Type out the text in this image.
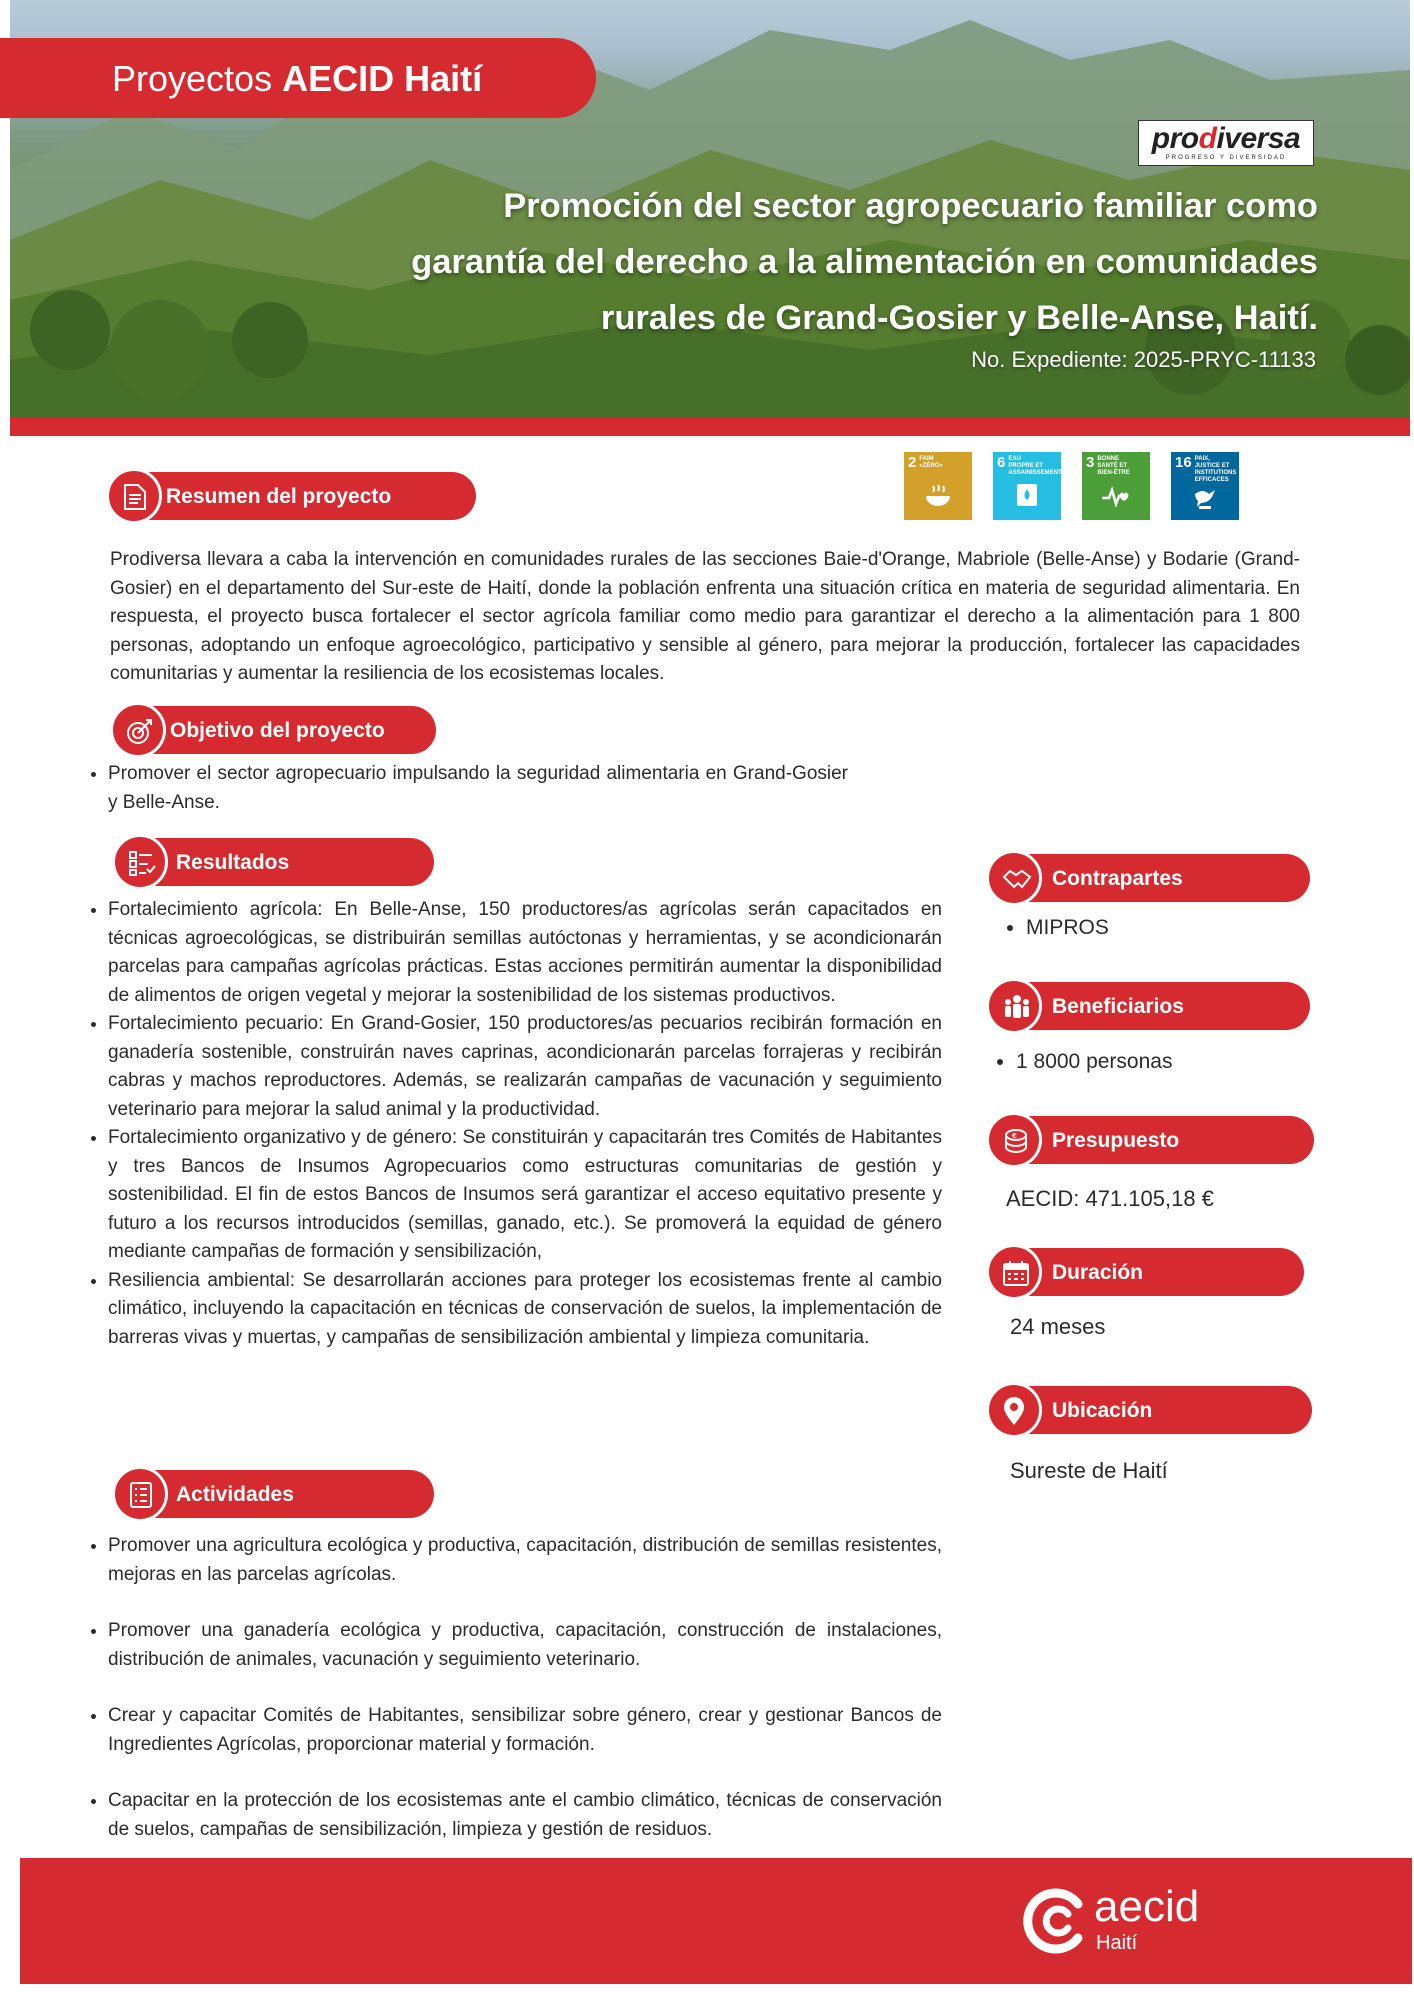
Proyectos AECID Haití
prodiversa
PROGRESO Y DIVERSIDAD
Promoción del sector agropecuario familiar como
garantía del derecho a la alimentación en comunidades
rurales de Grand-Gosier y Belle-Anse, Haití.
No. Expediente: 2025-PRYC-11133
2 FAIM «ZÉRO»	6 EAU PROPRE ET ASSAINISSEMENT
3 BONNE SANTÉ ET BIEN-ÊTRE
16 PAIX, JUSTICE ET INSTITUTIONS EFFICACES
Resumen del proyecto
Prodiversa llevara a caba la intervención en comunidades rurales de las secciones Baie-d'Orange, Mabriole (Belle-Anse) y Bodarie (Grand-Gosier) en el departamento del Sur-este de Haití, donde la población enfrenta una situación crítica en materia de seguridad alimentaria. En respuesta, el proyecto busca fortalecer el sector agrícola familiar como medio para garantizar el derecho a la alimentación para 1 800 personas, adoptando un enfoque agroecológico, participativo y sensible al género, para mejorar la producción, fortalecer las capacidades comunitarias y aumentar la resiliencia de los ecosistemas locales.
Objetivo del proyecto
• Promover el sector agropecuario impulsando la seguridad alimentaria en Grand-Gosier y Belle-Anse.
Resultados
• Fortalecimiento agrícola: En Belle-Anse, 150 productores/as agrícolas serán capacitados en técnicas agroecológicas, se distribuirán semillas autóctonas y herramientas, y se acondicionarán parcelas para campañas agrícolas prácticas. Estas acciones permitirán aumentar la disponibilidad de alimentos de origen vegetal y mejorar la sostenibilidad de los sistemas productivos.
• Fortalecimiento pecuario: En Grand-Gosier, 150 productores/as pecuarios recibirán formación en ganadería sostenible, construirán naves caprinas, acondicionarán parcelas forrajeras y recibirán cabras y machos reproductores. Además, se realizarán campañas de vacunación y seguimiento veterinario para mejorar la salud animal y la productividad.
• Fortalecimiento organizativo y de género: Se constituirán y capacitarán tres Comités de Habitantes y tres Bancos de Insumos Agropecuarios como estructuras comunitarias de gestión y sostenibilidad. El fin de estos Bancos de Insumos será garantizar el acceso equitativo presente y futuro a los recursos introducidos (semillas, ganado, etc.). Se promoverá la equidad de género mediante campañas de formación y sensibilización,
• Resiliencia ambiental: Se desarrollarán acciones para proteger los ecosistemas frente al cambio climático, incluyendo la capacitación en técnicas de conservación de suelos, la implementación de barreras vivas y muertas, y campañas de sensibilización ambiental y limpieza comunitaria.
Actividades
• Promover una agricultura ecológica y productiva, capacitación, distribución de semillas resistentes, mejoras en las parcelas agrícolas.
• Promover una ganadería ecológica y productiva, capacitación, construcción de instalaciones, distribución de animales, vacunación y seguimiento veterinario.
• Crear y capacitar Comités de Habitantes, sensibilizar sobre género, crear y gestionar Bancos de Ingredientes Agrícolas, proporcionar material y formación.
• Capacitar en la protección de los ecosistemas ante el cambio climático, técnicas de conservación de suelos, campañas de sensibilización, limpieza y gestión de residuos.
Contrapartes
• MIPROS
Beneficiarios
• 1 8000 personas
€ Presupuesto
AECID: 471.105,18 €
Duración
24 meses
Ubicación
Sureste de Haití
aecid
Haití
